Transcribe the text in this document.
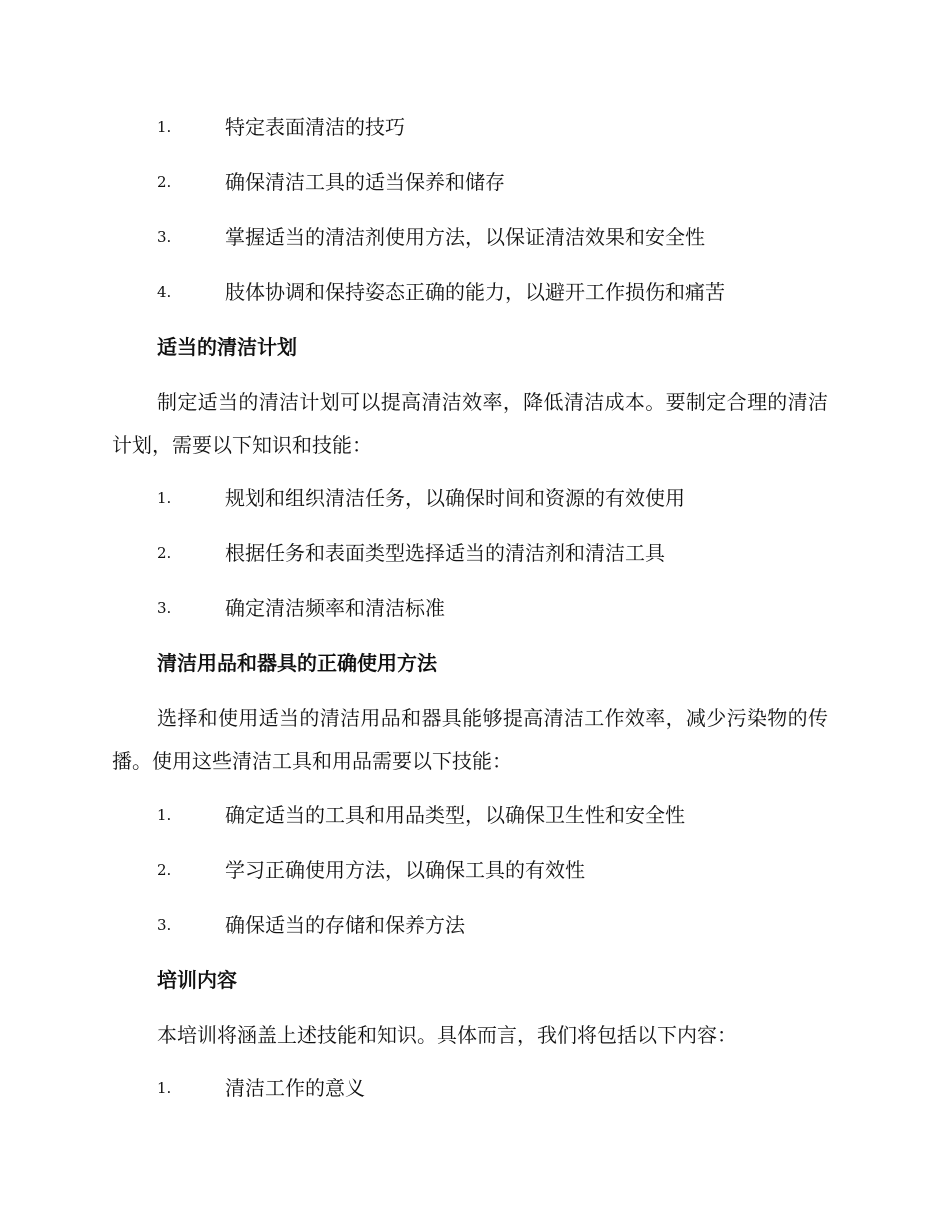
1.	特定表面清洁的技巧
2.	确保清洁工具的适当保养和储存
3.	掌握适当的清洁剂使用方法，以保证清洁效果和安全性
4.	肢体协调和保持姿态正确的能力，以避开工作损伤和痛苦
适当的清洁计划
制定适当的清洁计划可以提高清洁效率，降低清洁成本。要制定合理的清洁计划，需要以下知识和技能：
1.	规划和组织清洁任务，以确保时间和资源的有效使用
2.	根据任务和表面类型选择适当的清洁剂和清洁工具
3.	确定清洁频率和清洁标准
清洁用品和器具的正确使用方法
选择和使用适当的清洁用品和器具能够提高清洁工作效率，减少污染物的传播。使用这些清洁工具和用品需要以下技能：
1.	确定适当的工具和用品类型，以确保卫生性和安全性
2.	学习正确使用方法，以确保工具的有效性
3.	确保适当的存储和保养方法
培训内容
本培训将涵盖上述技能和知识。具体而言，我们将包括以下内容：
1.	清洁工作的意义
